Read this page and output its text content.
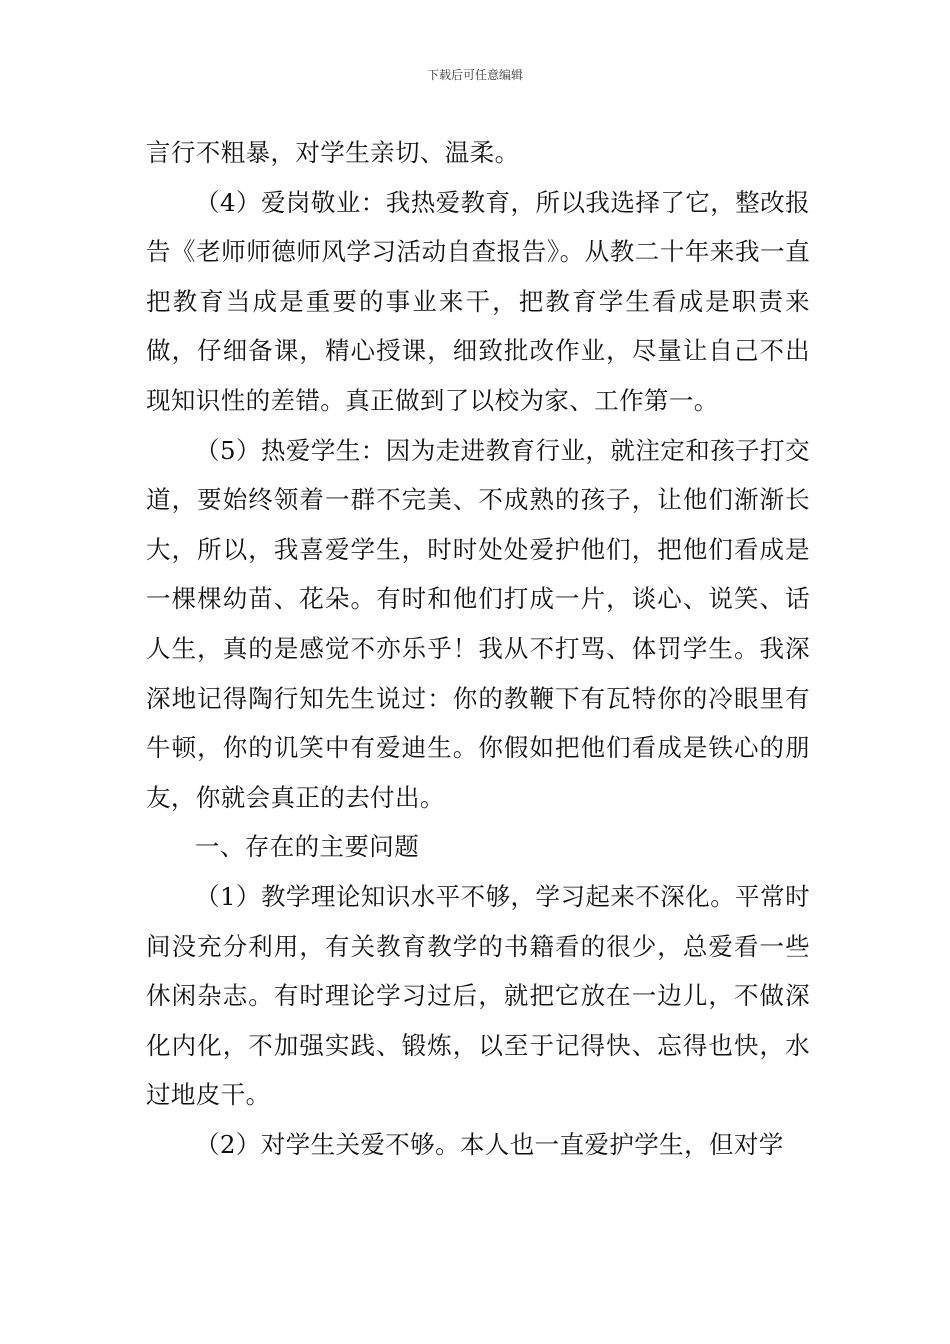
下载后可任意编辑

言行不粗暴，对学生亲切、温柔。

（4）爱岗敬业：我热爱教育，所以我选择了它，整改报告《老师师德师风学习活动自查报告》。从教二十年来我一直把教育当成是重要的事业来干，把教育学生看成是职责来做，仔细备课，精心授课，细致批改作业，尽量让自己不出现知识性的差错。真正做到了以校为家、工作第一。

（5）热爱学生：因为走进教育行业，就注定和孩子打交道，要始终领着一群不完美、不成熟的孩子，让他们渐渐长大，所以，我喜爱学生，时时处处爱护他们，把他们看成是一棵棵幼苗、花朵。有时和他们打成一片，谈心、说笑、话人生，真的是感觉不亦乐乎！我从不打骂、体罚学生。我深深地记得陶行知先生说过：你的教鞭下有瓦特你的冷眼里有牛顿，你的讥笑中有爱迪生。你假如把他们看成是铁心的朋友，你就会真正的去付出。

一、存在的主要问题

（1）教学理论知识水平不够，学习起来不深化。平常时间没充分利用，有关教育教学的书籍看的很少，总爱看一些休闲杂志。有时理论学习过后，就把它放在一边儿，不做深化内化，不加强实践、锻炼，以至于记得快、忘得也快，水过地皮干。

（2）对学生关爱不够。本人也一直爱护学生，但对学
